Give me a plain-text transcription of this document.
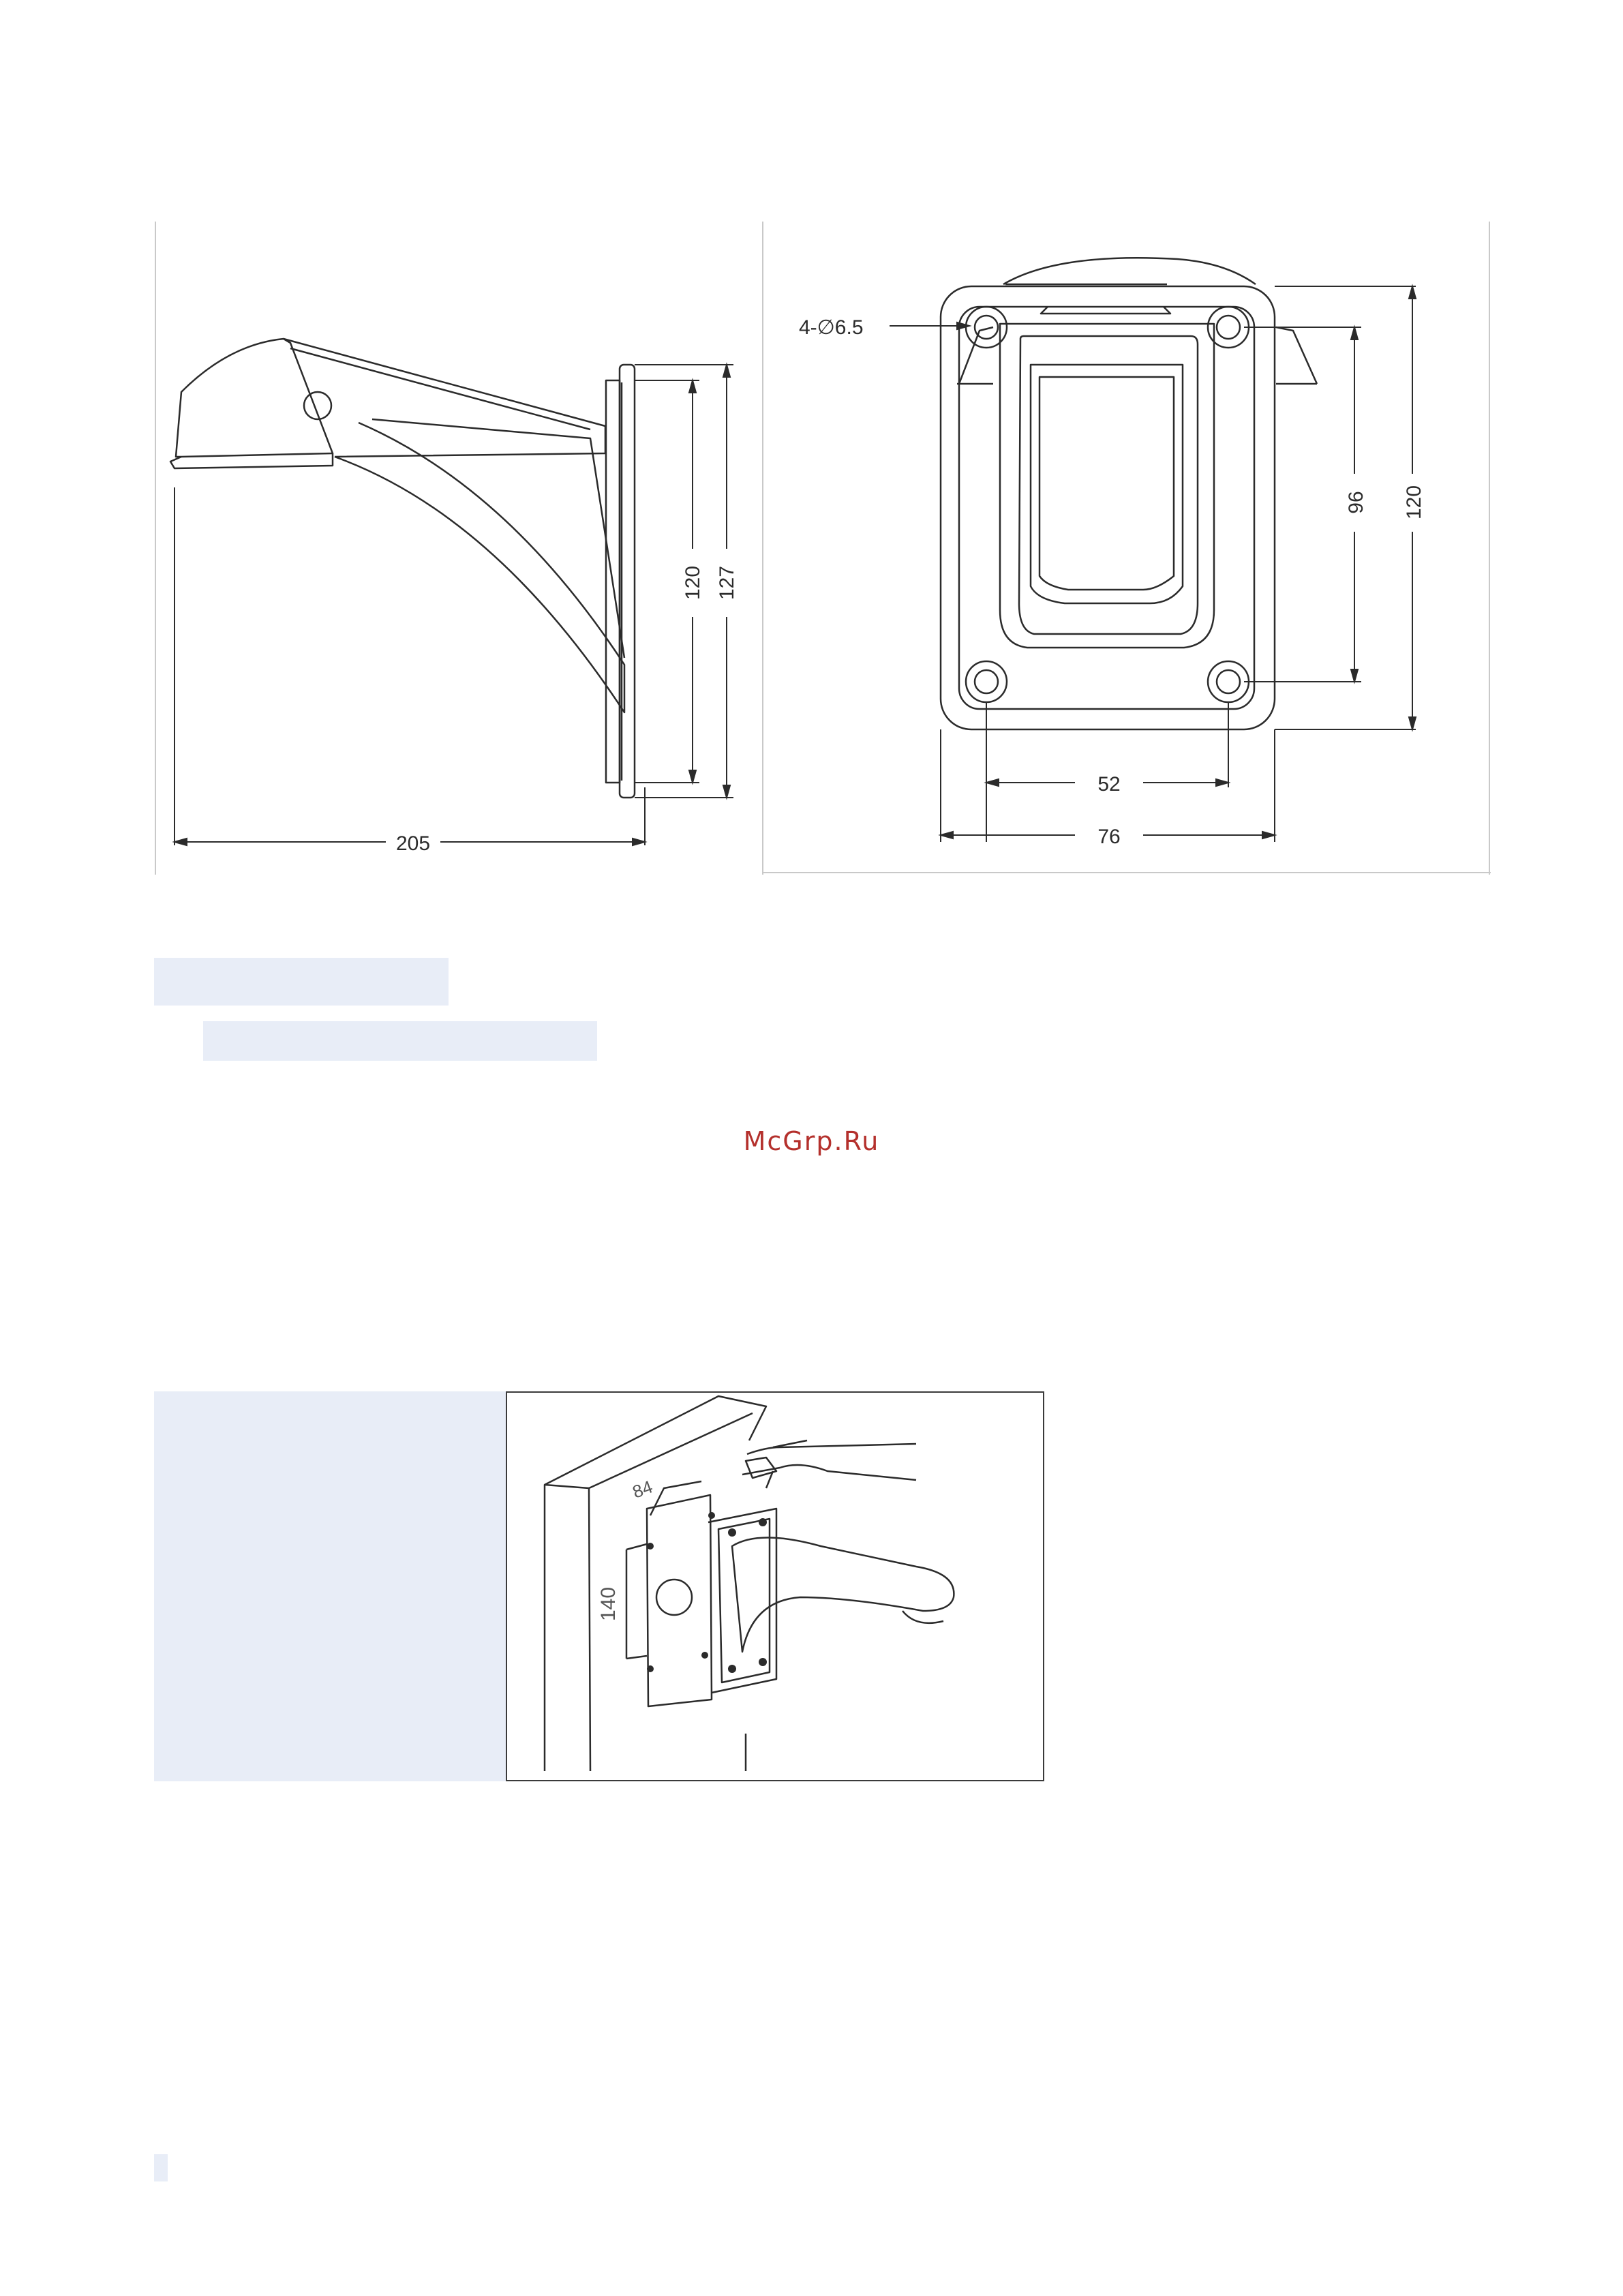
205
120 127
4-∅6.5
96 120
52
76
McGrp.Ru
84
140
